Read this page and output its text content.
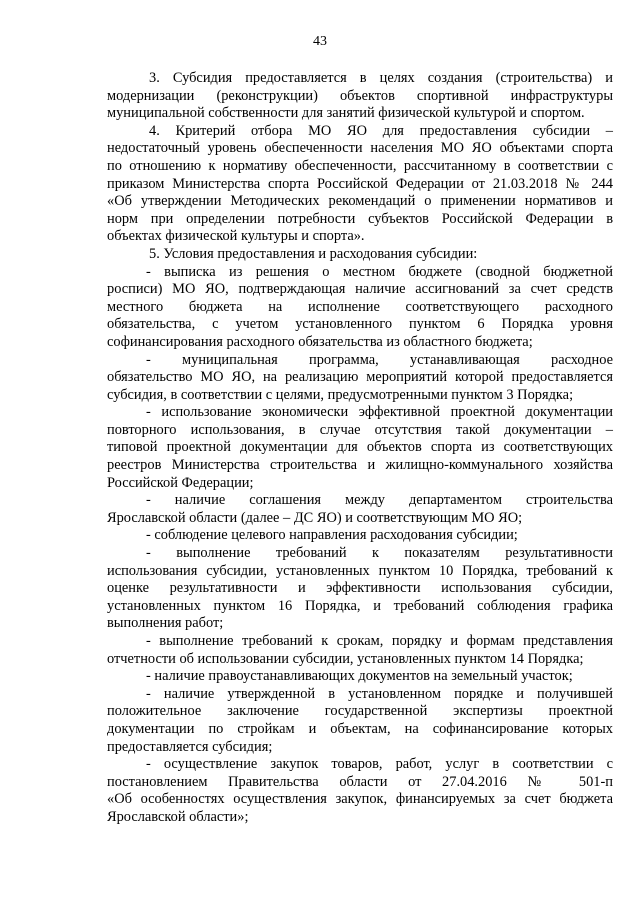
43
3. Субсидия предоставляется в целях создания (строительства) и
модернизации (реконструкции) объектов спортивной инфраструктуры
муниципальной собственности для занятий физической культурой и спортом.
4. Критерий отбора МО ЯО для предоставления субсидии –
недостаточный уровень обеспеченности населения МО ЯО объектами спорта
по отношению к нормативу обеспеченности, рассчитанному в соответствии с
приказом Министерства спорта Российской Федерации от 21.03.2018 № 244
«Об утверждении Методических рекомендаций о применении нормативов и
норм при определении потребности субъектов Российской Федерации в
объектах физической культуры и спорта».
5. Условия предоставления и расходования субсидии:
- выписка из решения о местном бюджете (сводной бюджетной
росписи) МО ЯО, подтверждающая наличие ассигнований за счет средств
местного бюджета на исполнение соответствующего расходного
обязательства, с учетом установленного пунктом 6 Порядка уровня
софинансирования расходного обязательства из областного бюджета;
- муниципальная программа, устанавливающая расходное
обязательство МО ЯО, на реализацию мероприятий которой предоставляется
субсидия, в соответствии с целями, предусмотренными пунктом 3 Порядка;
- использование экономически эффективной проектной документации
повторного использования, в случае отсутствия такой документации –
типовой проектной документации для объектов спорта из соответствующих
реестров Министерства строительства и жилищно-коммунального хозяйства
Российской Федерации;
- наличие соглашения между департаментом строительства
Ярославской области (далее – ДС ЯО) и соответствующим МО ЯО;
- соблюдение целевого направления расходования субсидии;
- выполнение требований к показателям результативности
использования субсидии, установленных пунктом 10 Порядка, требований к
оценке результативности и эффективности использования субсидии,
установленных пунктом 16 Порядка, и требований соблюдения графика
выполнения работ;
- выполнение требований к срокам, порядку и формам представления
отчетности об использовании субсидии, установленных пунктом 14 Порядка;
- наличие правоустанавливающих документов на земельный участок;
- наличие утвержденной в установленном порядке и получившей
положительное заключение государственной экспертизы проектной
документации по стройкам и объектам, на софинансирование которых
предоставляется субсидия;
- осуществление закупок товаров, работ, услуг в соответствии с
постановлением Правительства области от 27.04.2016 № 501-п
«Об особенностях осуществления закупок, финансируемых за счет бюджета
Ярославской области»;
